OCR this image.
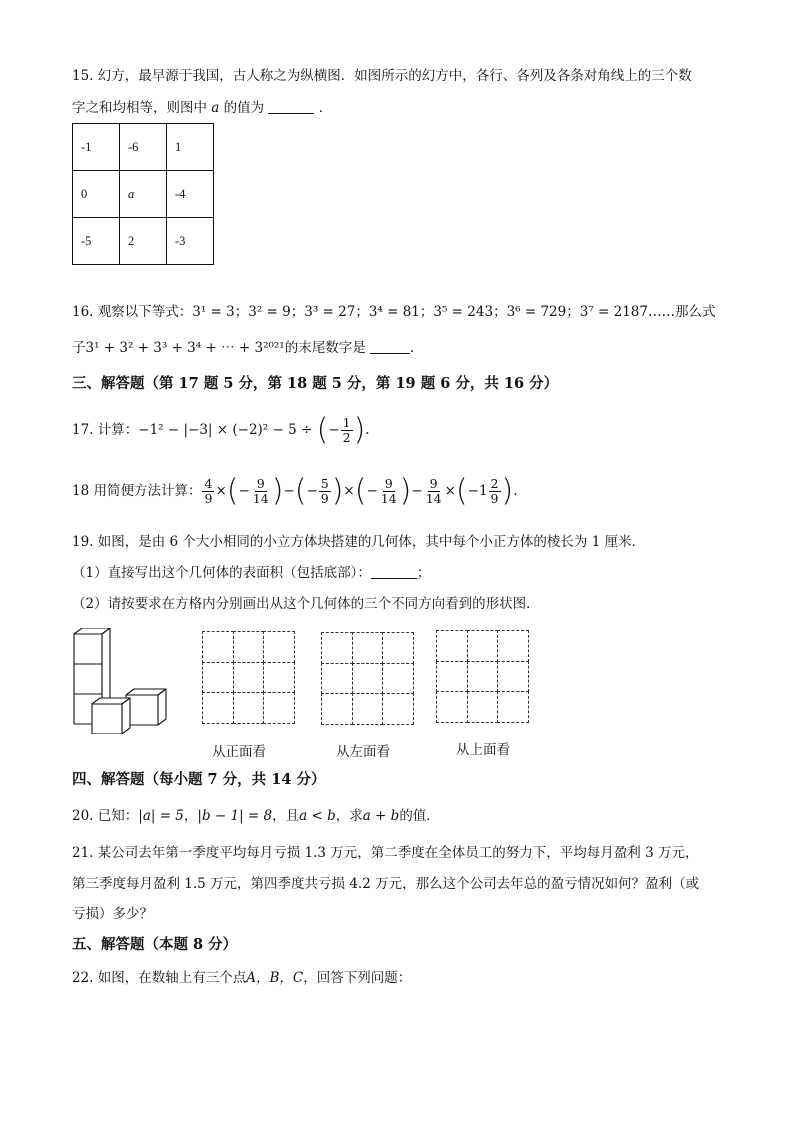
15. 幻方，最早源于我国，古人称之为纵横图．如图所示的幻方中，各行、各列及各条对角线上的三个数
字之和均相等，则图中 a 的值为	．
-1	-6	1
0	a	-4
-5	2	-3
16. 观察以下等式：3¹ = 3；3² = 9；3³ = 27；3⁴ = 81；3⁵ = 243；3⁶ = 729；3⁷ = 2187……那么式
子3¹ + 3² + 3³ + 3⁴ + ⋯ + 3²⁰²¹的末尾数字是	．
三、解答题（第 17 题 5 分，第 18 题 5 分，第 19 题 6 分，共 16 分）
17. 计算：−1² − |−3| × (−2)² − 5 ÷ (− $\frac{1}{2}$ ).
18 用简便方法计算： $\frac{4}{9}$ ×(− $\frac{9}{14}$ )−(− $\frac{5}{9}$ )×(− $\frac{9}{14}$ )− $\frac{9}{14} \times(-1 \frac{2}{9}$ ).
19. 如图，是由 6 个大小相同的小立方体块搭建的几何体，其中每个小正方体的棱长为 1 厘米．
（1）直接写出这个几何体的表面积（包括底部）：	；
（2）请按要求在方格内分别画出从这个几何体的三个不同方向看到的形状图．
从正面看	从左面看	从上面看
四、解答题（每小题 7 分，共 14 分）
20. 已知：|a| = 5，|b − 1| = 8，且a < b，求a + b的值．
21. 某公司去年第一季度平均每月亏损 1.3 万元，第二季度在全体员工的努力下，平均每月盈利 3 万元，
第三季度每月盈利 1.5 万元，第四季度共亏损 4.2 万元，那么这个公司去年总的盈亏情况如何？盈利（或
亏损）多少？
五、解答题（本题 8 分）
22. 如图，在数轴上有三个点A，B，C，回答下列问题：
